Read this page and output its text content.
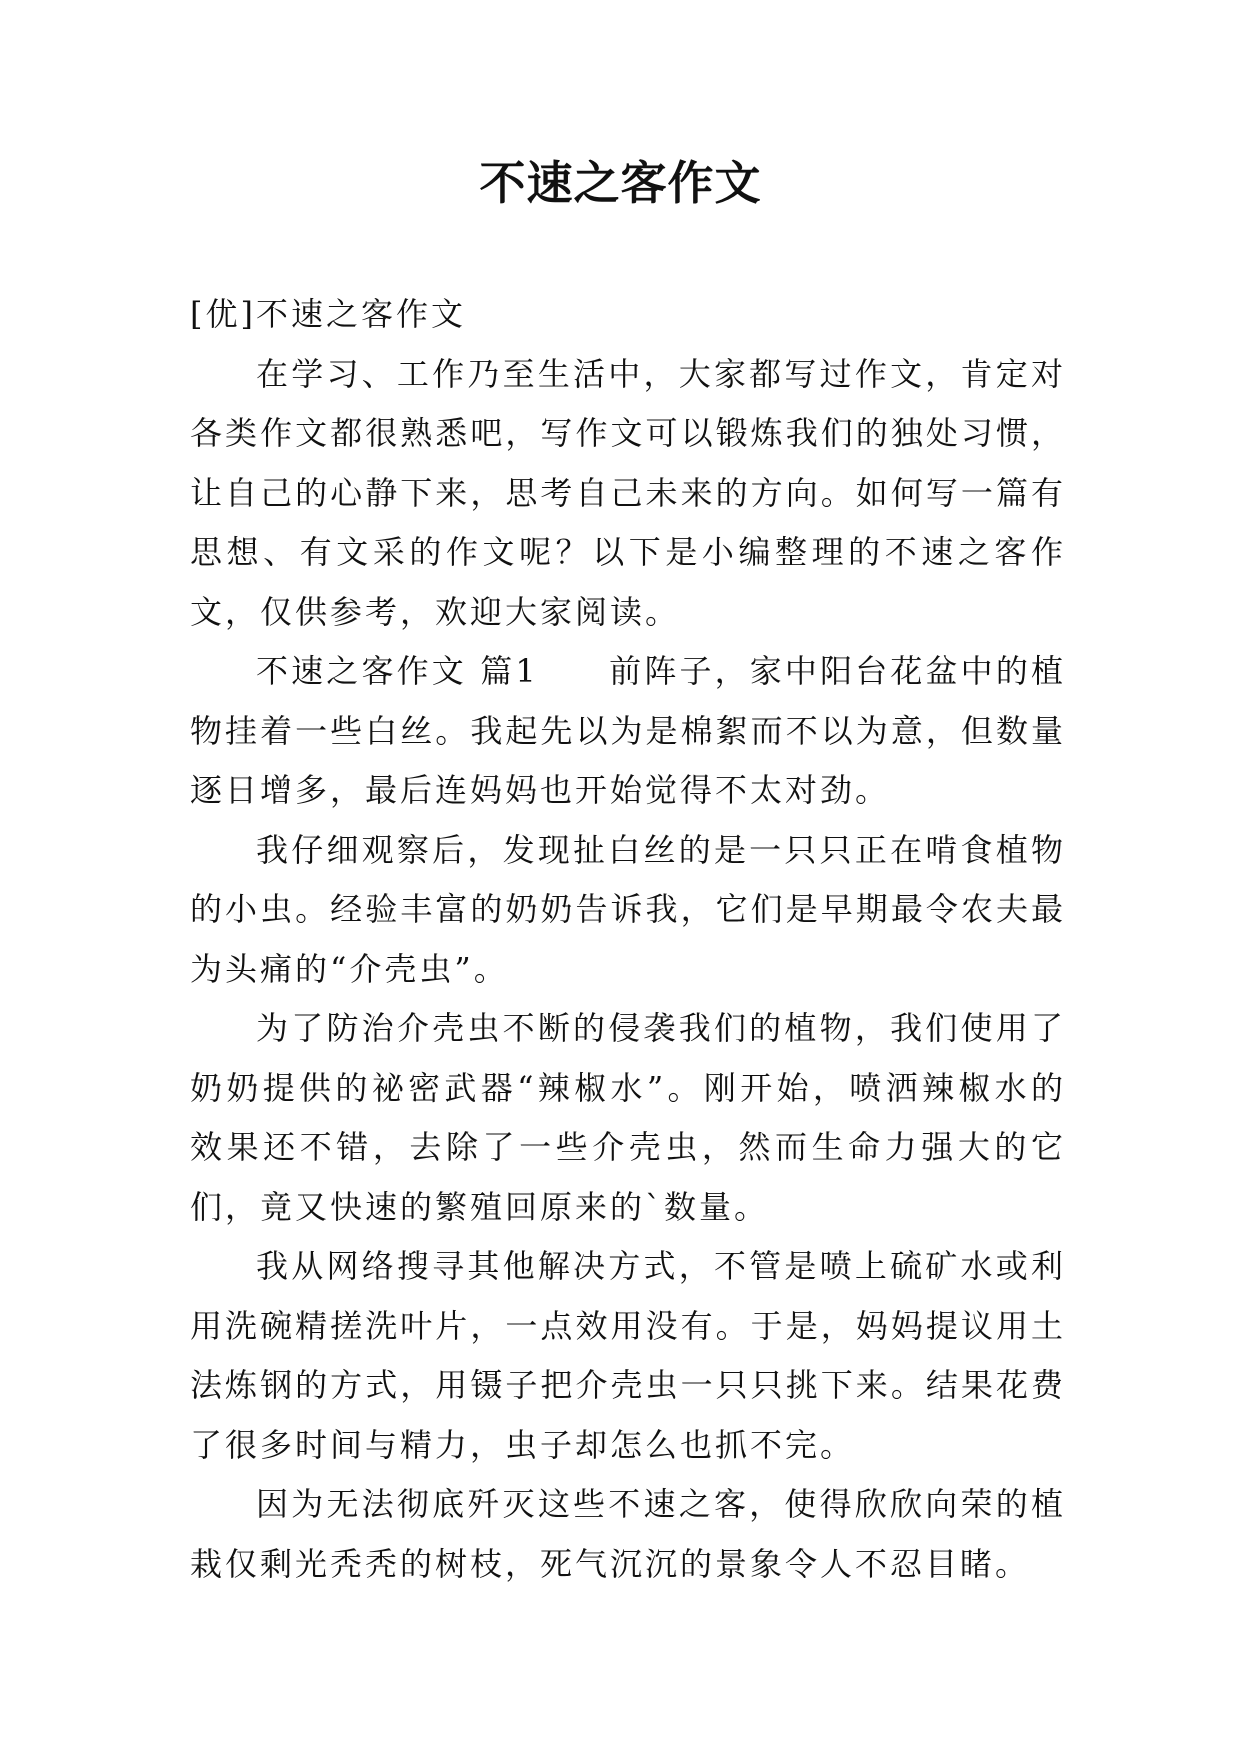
不速之客作文

[优]不速之客作文

在学习、工作乃至生活中，大家都写过作文，肯定对各类作文都很熟悉吧，写作文可以锻炼我们的独处习惯，让自己的心静下来，思考自己未来的方向。如何写一篇有思想、有文采的作文呢？以下是小编整理的不速之客作文，仅供参考，欢迎大家阅读。

不速之客作文 篇1　　前阵子，家中阳台花盆中的植物挂着一些白丝。我起先以为是棉絮而不以为意，但数量逐日增多，最后连妈妈也开始觉得不太对劲。

我仔细观察后，发现扯白丝的是一只只正在啃食植物的小虫。经验丰富的奶奶告诉我，它们是早期最令农夫最为头痛的“介壳虫”。

为了防治介壳虫不断的侵袭我们的植物，我们使用了奶奶提供的祕密武器“辣椒水”。刚开始，喷洒辣椒水的效果还不错，去除了一些介壳虫，然而生命力强大的它们，竟又快速的繁殖回原来的`数量。

我从网络搜寻其他解决方式，不管是喷上硫矿水或利用洗碗精搓洗叶片，一点效用没有。于是，妈妈提议用土法炼钢的方式，用镊子把介壳虫一只只挑下来。结果花费了很多时间与精力，虫子却怎么也抓不完。

因为无法彻底歼灭这些不速之客，使得欣欣向荣的植栽仅剩光秃秃的树枝，死气沉沉的景象令人不忍目睹。
